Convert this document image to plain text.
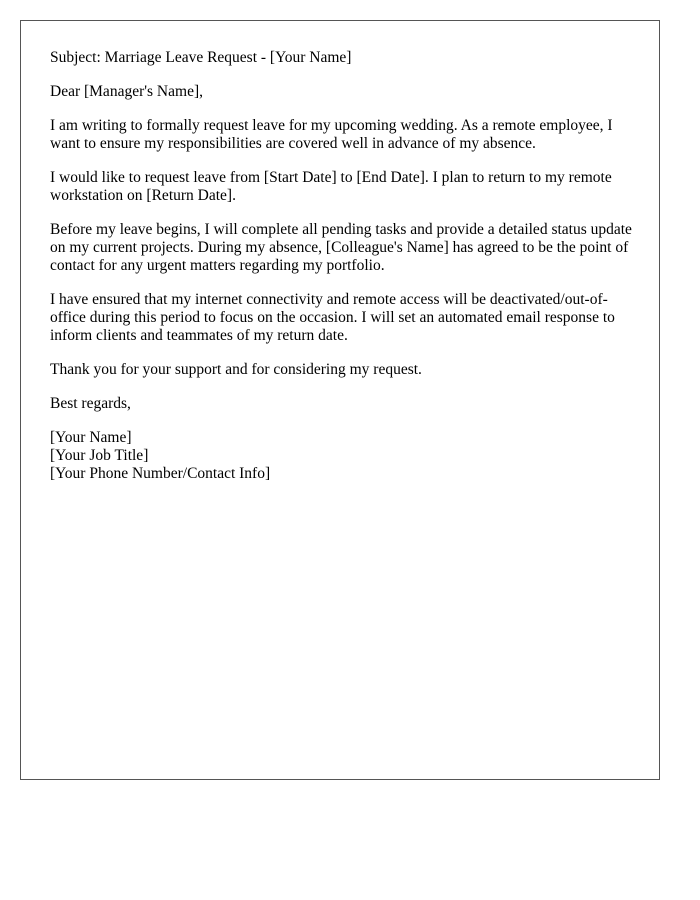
Subject: Marriage Leave Request - [Your Name]

Dear [Manager's Name],

I am writing to formally request leave for my upcoming wedding. As a remote employee, I want to ensure my responsibilities are covered well in advance of my absence.

I would like to request leave from [Start Date] to [End Date]. I plan to return to my remote workstation on [Return Date].

Before my leave begins, I will complete all pending tasks and provide a detailed status update on my current projects. During my absence, [Colleague's Name] has agreed to be the point of contact for any urgent matters regarding my portfolio.

I have ensured that my internet connectivity and remote access will be deactivated/out-of-office during this period to focus on the occasion. I will set an automated email response to inform clients and teammates of my return date.

Thank you for your support and for considering my request.

Best regards,

[Your Name]
[Your Job Title]
[Your Phone Number/Contact Info]
